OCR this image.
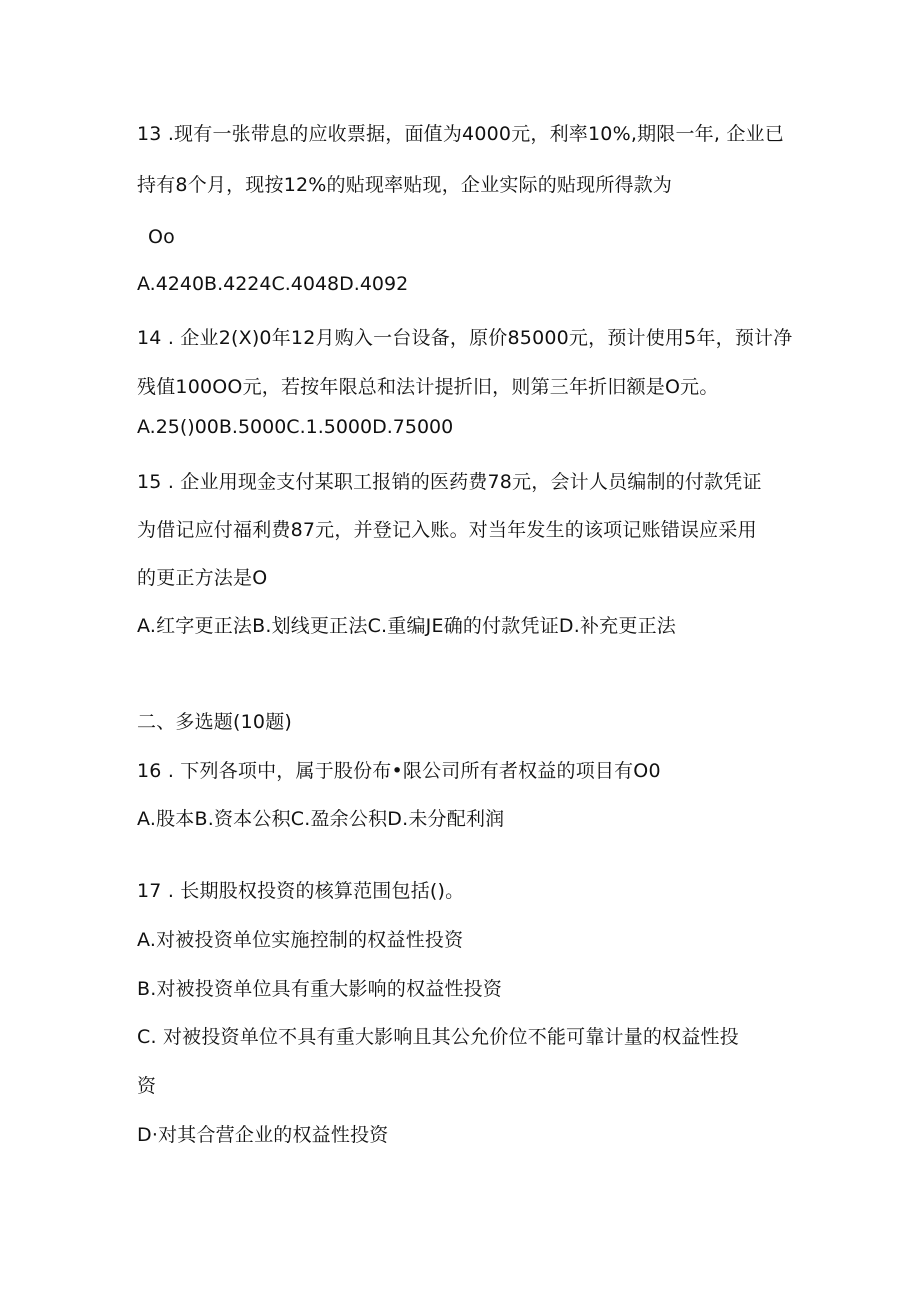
13 .现有一张带息的应收票据，面值为4000元，利率10%,期限一年, 企业已
持有8个月，现按12%的贴现率贴现，企业实际的贴现所得款为
Oo
A.4240B.4224C.4048D.4092
14 . 企业2(X)0年12月购入一台设备，原价85000元，预计使用5年，预计净
残值100OO元，若按年限总和法计提折旧，则第三年折旧额是O元。
A.25()00B.5000C.1.5000D.75000
15 . 企业用现金支付某职工报销的医药费78元，会计人员编制的付款凭证
为借记应付福利费87元，并登记入账。对当年发生的该项记账错误应采用
的更正方法是O
A.红字更正法B.划线更正法C.重编JE确的付款凭证D.补充更正法
二、多选题(10题)
16 . 下列各项中，属于股份布•限公司所有者权益的项目有O0
A.股本B.资本公积C.盈余公积D.未分配利润
17 . 长期股权投资的核算范围包括()。
A.对被投资单位实施控制的权益性投资
B.对被投资单位具有重大影响的权益性投资
C. 对被投资单位不具有重大影响且其公允价位不能可靠计量的权益性投
资
D·对其合营企业的权益性投资
